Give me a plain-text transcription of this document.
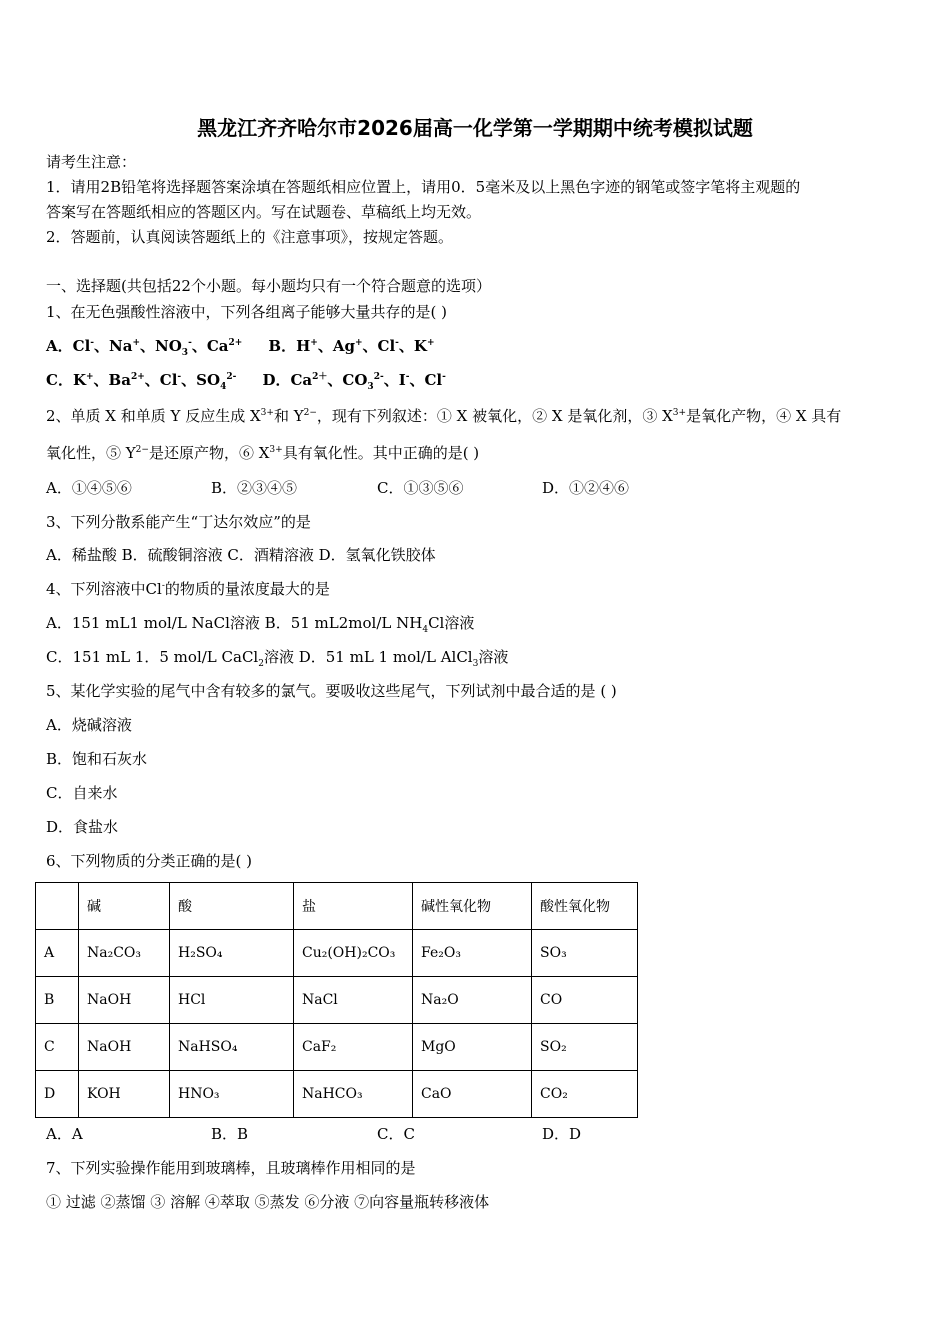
黑龙江齐齐哈尔市2026届高一化学第一学期期中统考模拟试题
请考生注意：
1．请用2B铅笔将选择题答案涂填在答题纸相应位置上，请用0．5毫米及以上黑色字迹的钢笔或签字笔将主观题的
答案写在答题纸相应的答题区内。写在试题卷、草稿纸上均无效。
2．答题前，认真阅读答题纸上的《注意事项》，按规定答题。
一、选择题(共包括22个小题。每小题均只有一个符合题意的选项）
1、在无色强酸性溶液中，下列各组离子能够大量共存的是( )
A．Cl-、Na+、$NO_3^-$、$Ca^{2+}$ B．H+、Ag+、Cl-、K+
C．K+、$Ba^{2+}$、Cl-、$SO_4^{2-}$ D．$Ca^{2+}$、$CO_3^{2-}$、I-、Cl-
2、单质 X 和单质 Y 反应生成 $X^{3+}$和 $Y^{2-}$，现有下列叙述：① X 被氧化，② X 是氧化剂，③ $X^{3+}$是氧化产物，④ X 具有
氧化性，⑤ $Y^{2-}$是还原产物，⑥ $X^{3+}$具有氧化性。其中正确的是( )
A．①④⑤⑥	B．②③④⑤	C．①③⑤⑥	D．①②④⑥
3、下列分散系能产生“丁达尔效应”的是
A．稀盐酸 B．硫酸铜溶液 C．酒精溶液 D．氢氧化铁胶体
4、下列溶液中Cl-的物质的量浓度最大的是
A．151 mL1 mol/L NaCl溶液 B．51 mL2mol/L $NH_4Cl$溶液
C．151 mL 1．5 mol/L CaCl$_2$溶液 D．51 mL 1 mol/L AlCl$_3$溶液
5、某化学实验的尾气中含有较多的氯气。要吸收这些尾气，下列试剂中最合适的是 ( )
A．烧碱溶液
B．饱和石灰水
C．自来水
D．食盐水
6、下列物质的分类正确的是( )
	碱	酸	盐	碱性氧化物	酸性氧化物
A	Na₂CO₃	H₂SO₄	Cu₂(OH)₂CO₃	Fe₂O₃	SO₃
B	NaOH	HCl	NaCl	Na₂O	CO
C	NaOH	NaHSO₄	CaF₂	MgO	SO₂
D	KOH	HNO₃	NaHCO₃	CaO	CO₂
A．A	B．B	C．C	D．D
7、下列实验操作能用到玻璃棒，且玻璃棒作用相同的是
① 过滤 ②蒸馏 ③ 溶解 ④萃取 ⑤蒸发 ⑥分液 ⑦向容量瓶转移液体
